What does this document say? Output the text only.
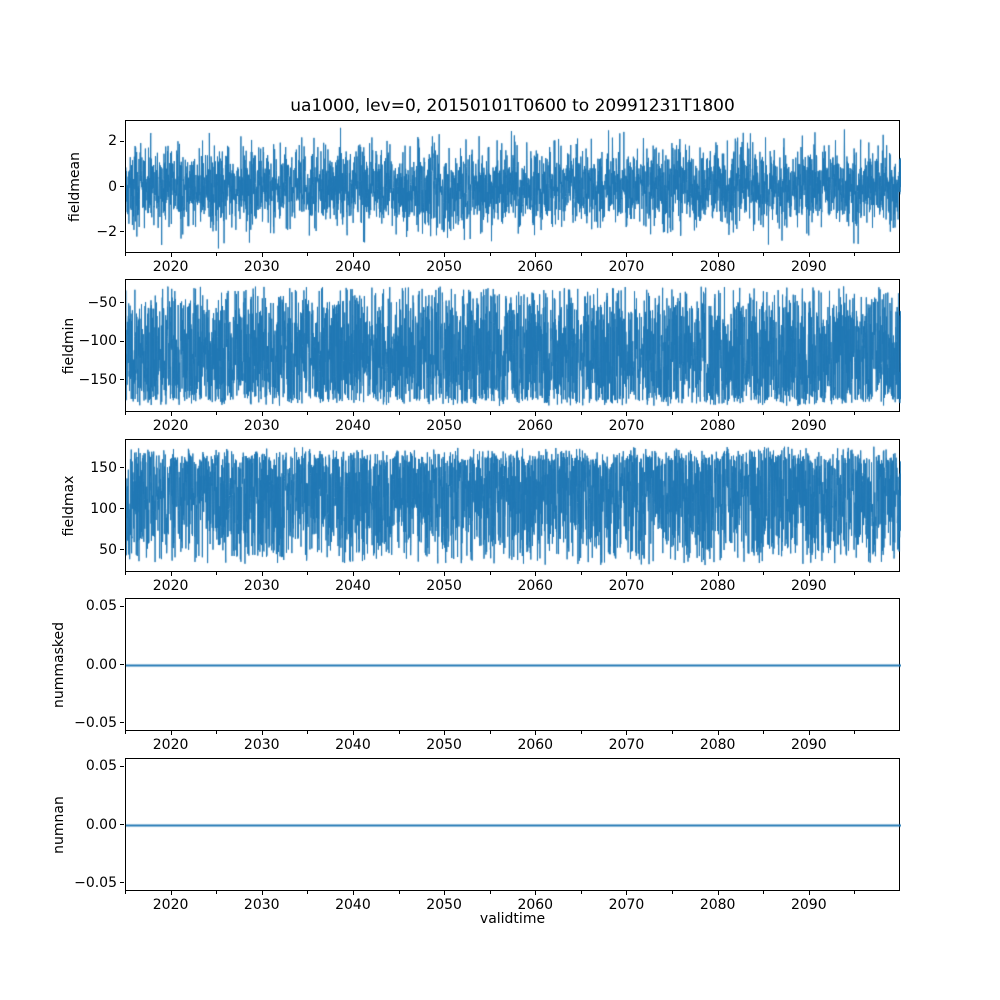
ua1000, lev=0, 20150101T0600 to 20991231T1800
2
0
−2
2020	2030	2040	2050	2060	2070	2080	2090
fieldmean
−50
−100
−150
2020	2030	2040	2050	2060	2070	2080	2090
fieldmin
150
100
50
2020	2030	2040	2050	2060	2070	2080	2090
fieldmax
0.05
0.00
−0.05
2020	2030	2040	2050	2060	2070	2080	2090
nummasked
0.05
0.00
−0.05
2020	2030	2040	2050	2060	2070	2080	2090
numnan
validtime
